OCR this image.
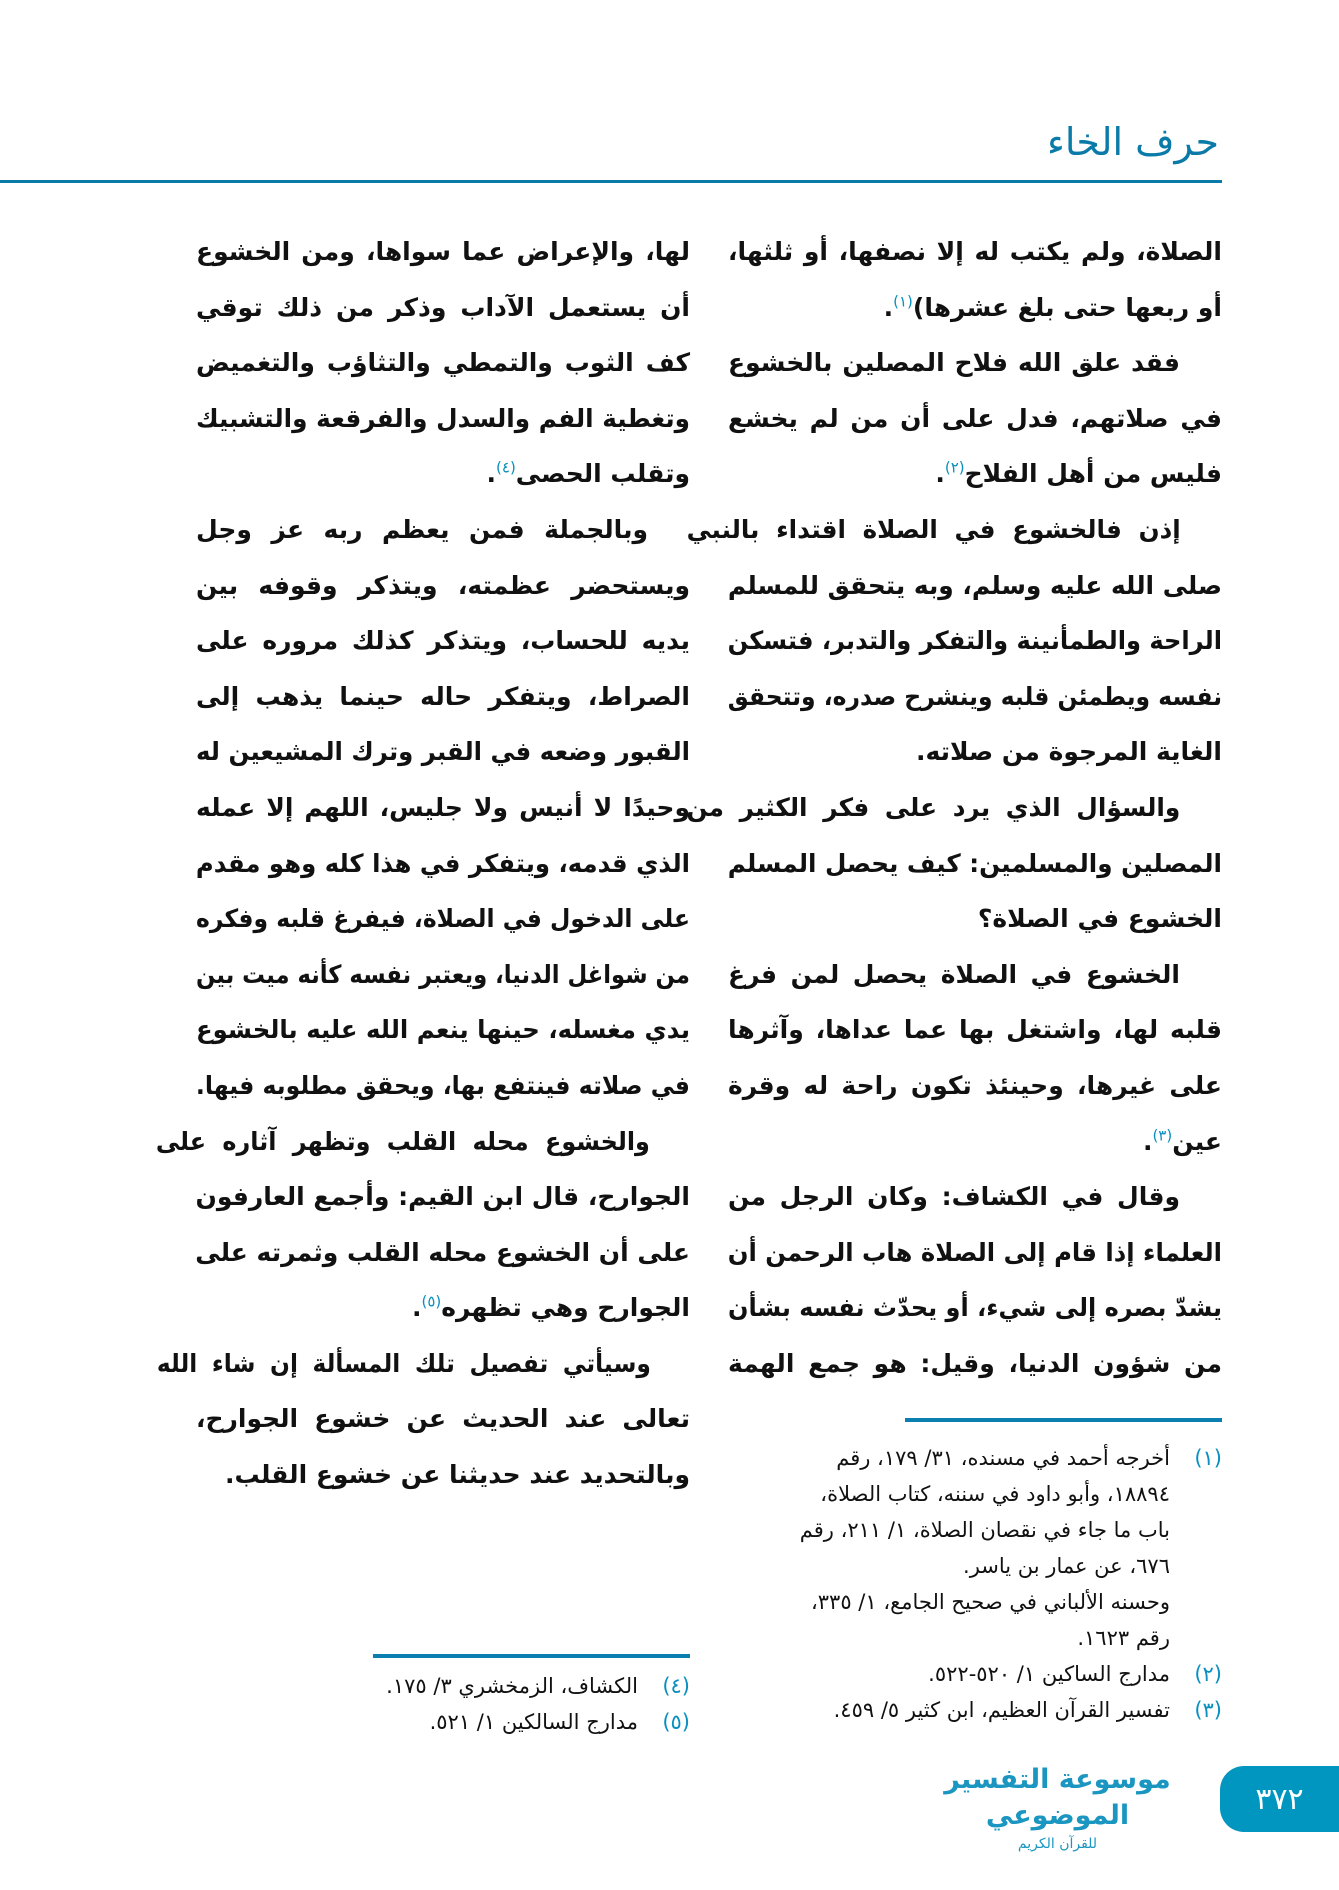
حرف الخاء
الصلاة، ولم يكتب له إلا نصفها، أو ثلثها،
أو ربعها حتى بلغ عشرها)$^{(١)}$.
فقد علق الله فلاح المصلين بالخشوع
في صلاتهم، فدل على أن من لم يخشع
فليس من أهل الفلاح$^{(٢)}$.
إذن فالخشوع في الصلاة اقتداء بالنبي
صلى الله عليه وسلم، وبه يتحقق للمسلم
الراحة والطمأنينة والتفكر والتدبر، فتسكن
نفسه ويطمئن قلبه وينشرح صدره، وتتحقق
الغاية المرجوة من صلاته.
والسؤال الذي يرد على فكر الكثير من
المصلين والمسلمين: كيف يحصل المسلم
الخشوع في الصلاة؟
الخشوع في الصلاة يحصل لمن فرغ
قلبه لها، واشتغل بها عما عداها، وآثرها
على غيرها، وحينئذ تكون راحة له وقرة
عين$^{(٣)}$.
وقال في الكشاف: وكان الرجل من
العلماء إذا قام إلى الصلاة هاب الرحمن أن
يشدّ بصره إلى شيء، أو يحدّث نفسه بشأن
من شؤون الدنيا، وقيل: هو جمع الهمة
لها، والإعراض عما سواها، ومن الخشوع
أن يستعمل الآداب وذكر من ذلك توقي
كف الثوب والتمطي والتثاؤب والتغميض
وتغطية الفم والسدل والفرقعة والتشبيك
وتقلب الحصى$^{(٤)}$.
وبالجملة فمن يعظم ربه عز وجل
ويستحضر عظمته، ويتذكر وقوفه بين
يديه للحساب، ويتذكر كذلك مروره على
الصراط، ويتفكر حاله حينما يذهب إلى
القبور وضعه في القبر وترك المشيعين له
وحيدًا لا أنيس ولا جليس، اللهم إلا عمله
الذي قدمه، ويتفكر في هذا كله وهو مقدم
على الدخول في الصلاة، فيفرغ قلبه وفكره
من شواغل الدنيا، ويعتبر نفسه كأنه ميت بين
يدي مغسله، حينها ينعم الله عليه بالخشوع
في صلاته فينتفع بها، ويحقق مطلوبه فيها.
والخشوع محله القلب وتظهر آثاره على
الجوارح، قال ابن القيم: وأجمع العارفون
على أن الخشوع محله القلب وثمرته على
الجوارح وهي تظهره$^{(٥)}$.
وسيأتي تفصيل تلك المسألة إن شاء الله
تعالى عند الحديث عن خشوع الجوارح،
وبالتحديد عند حديثنا عن خشوع القلب.
(١)
أخرجه أحمد في مسنده، ٣١/ ١٧٩، رقم
١٨٨٩٤، وأبو داود في سننه، كتاب الصلاة،
باب ما جاء في نقصان الصلاة، ١/ ٢١١، رقم
٦٧٦، عن عمار بن ياسر.
وحسنه الألباني في صحيح الجامع، ١/ ٣٣٥،
رقم ١٦٢٣.
(٢)
مدارج الساكين ١/ ٥٢٠-٥٢٢.
(٣)
تفسير القرآن العظيم، ابن كثير ٥/ ٤٥٩.
(٤)
الكشاف، الزمخشري ٣/ ١٧٥.
(٥)
مدارج السالكين ١/ ٥٢١.
موسوعة التفسير الموضوعي
للقرآن الكريم
٣٧٢
